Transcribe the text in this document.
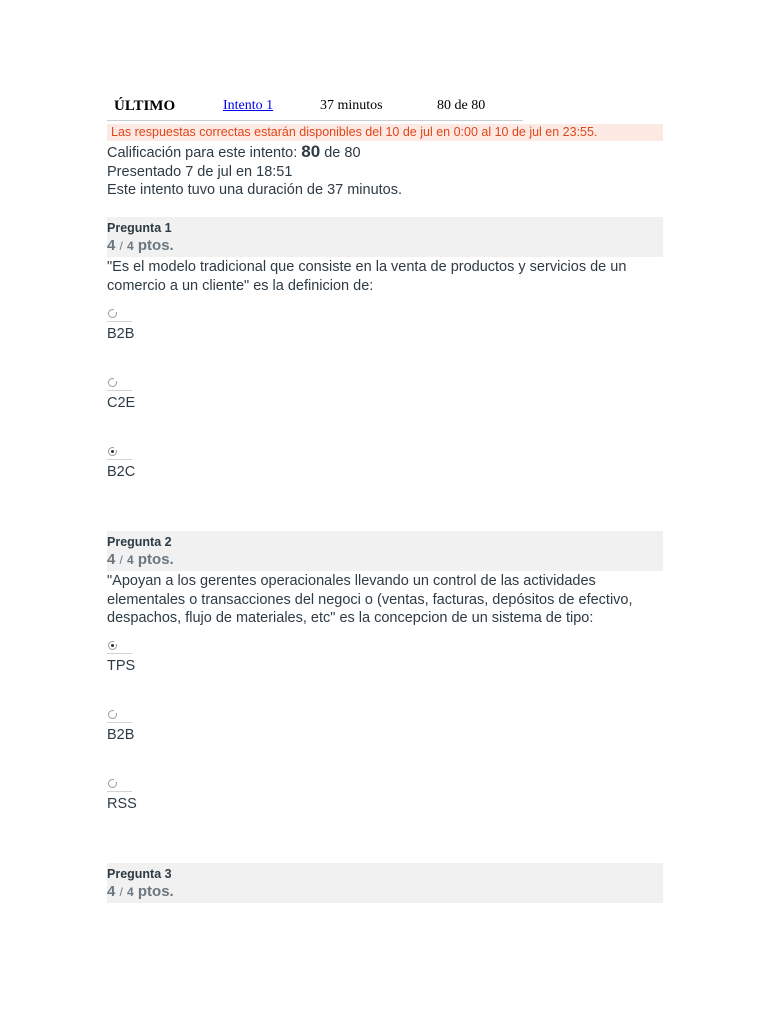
ÚLTIMO	Intento 1	37 minutos	80 de 80
Las respuestas correctas estarán disponibles del 10 de jul en 0:00 al 10 de jul en 23:55.
Calificación para este intento: 80 de 80
Presentado 7 de jul en 18:51
Este intento tuvo una duración de 37 minutos.
Pregunta 1
4 / 4 ptos.
"Es el modelo tradicional que consiste en la venta de productos y servicios de un comercio a un cliente" es la definicion de:
B2B
C2E
B2C
Pregunta 2
4 / 4 ptos.
"Apoyan a los gerentes operacionales llevando un control de las actividades elementales o transacciones del negoci o (ventas, facturas, depósitos de efectivo, despachos, flujo de materiales, etc" es la concepcion de un sistema de tipo:
TPS
B2B
RSS
Pregunta 3
4 / 4 ptos.
